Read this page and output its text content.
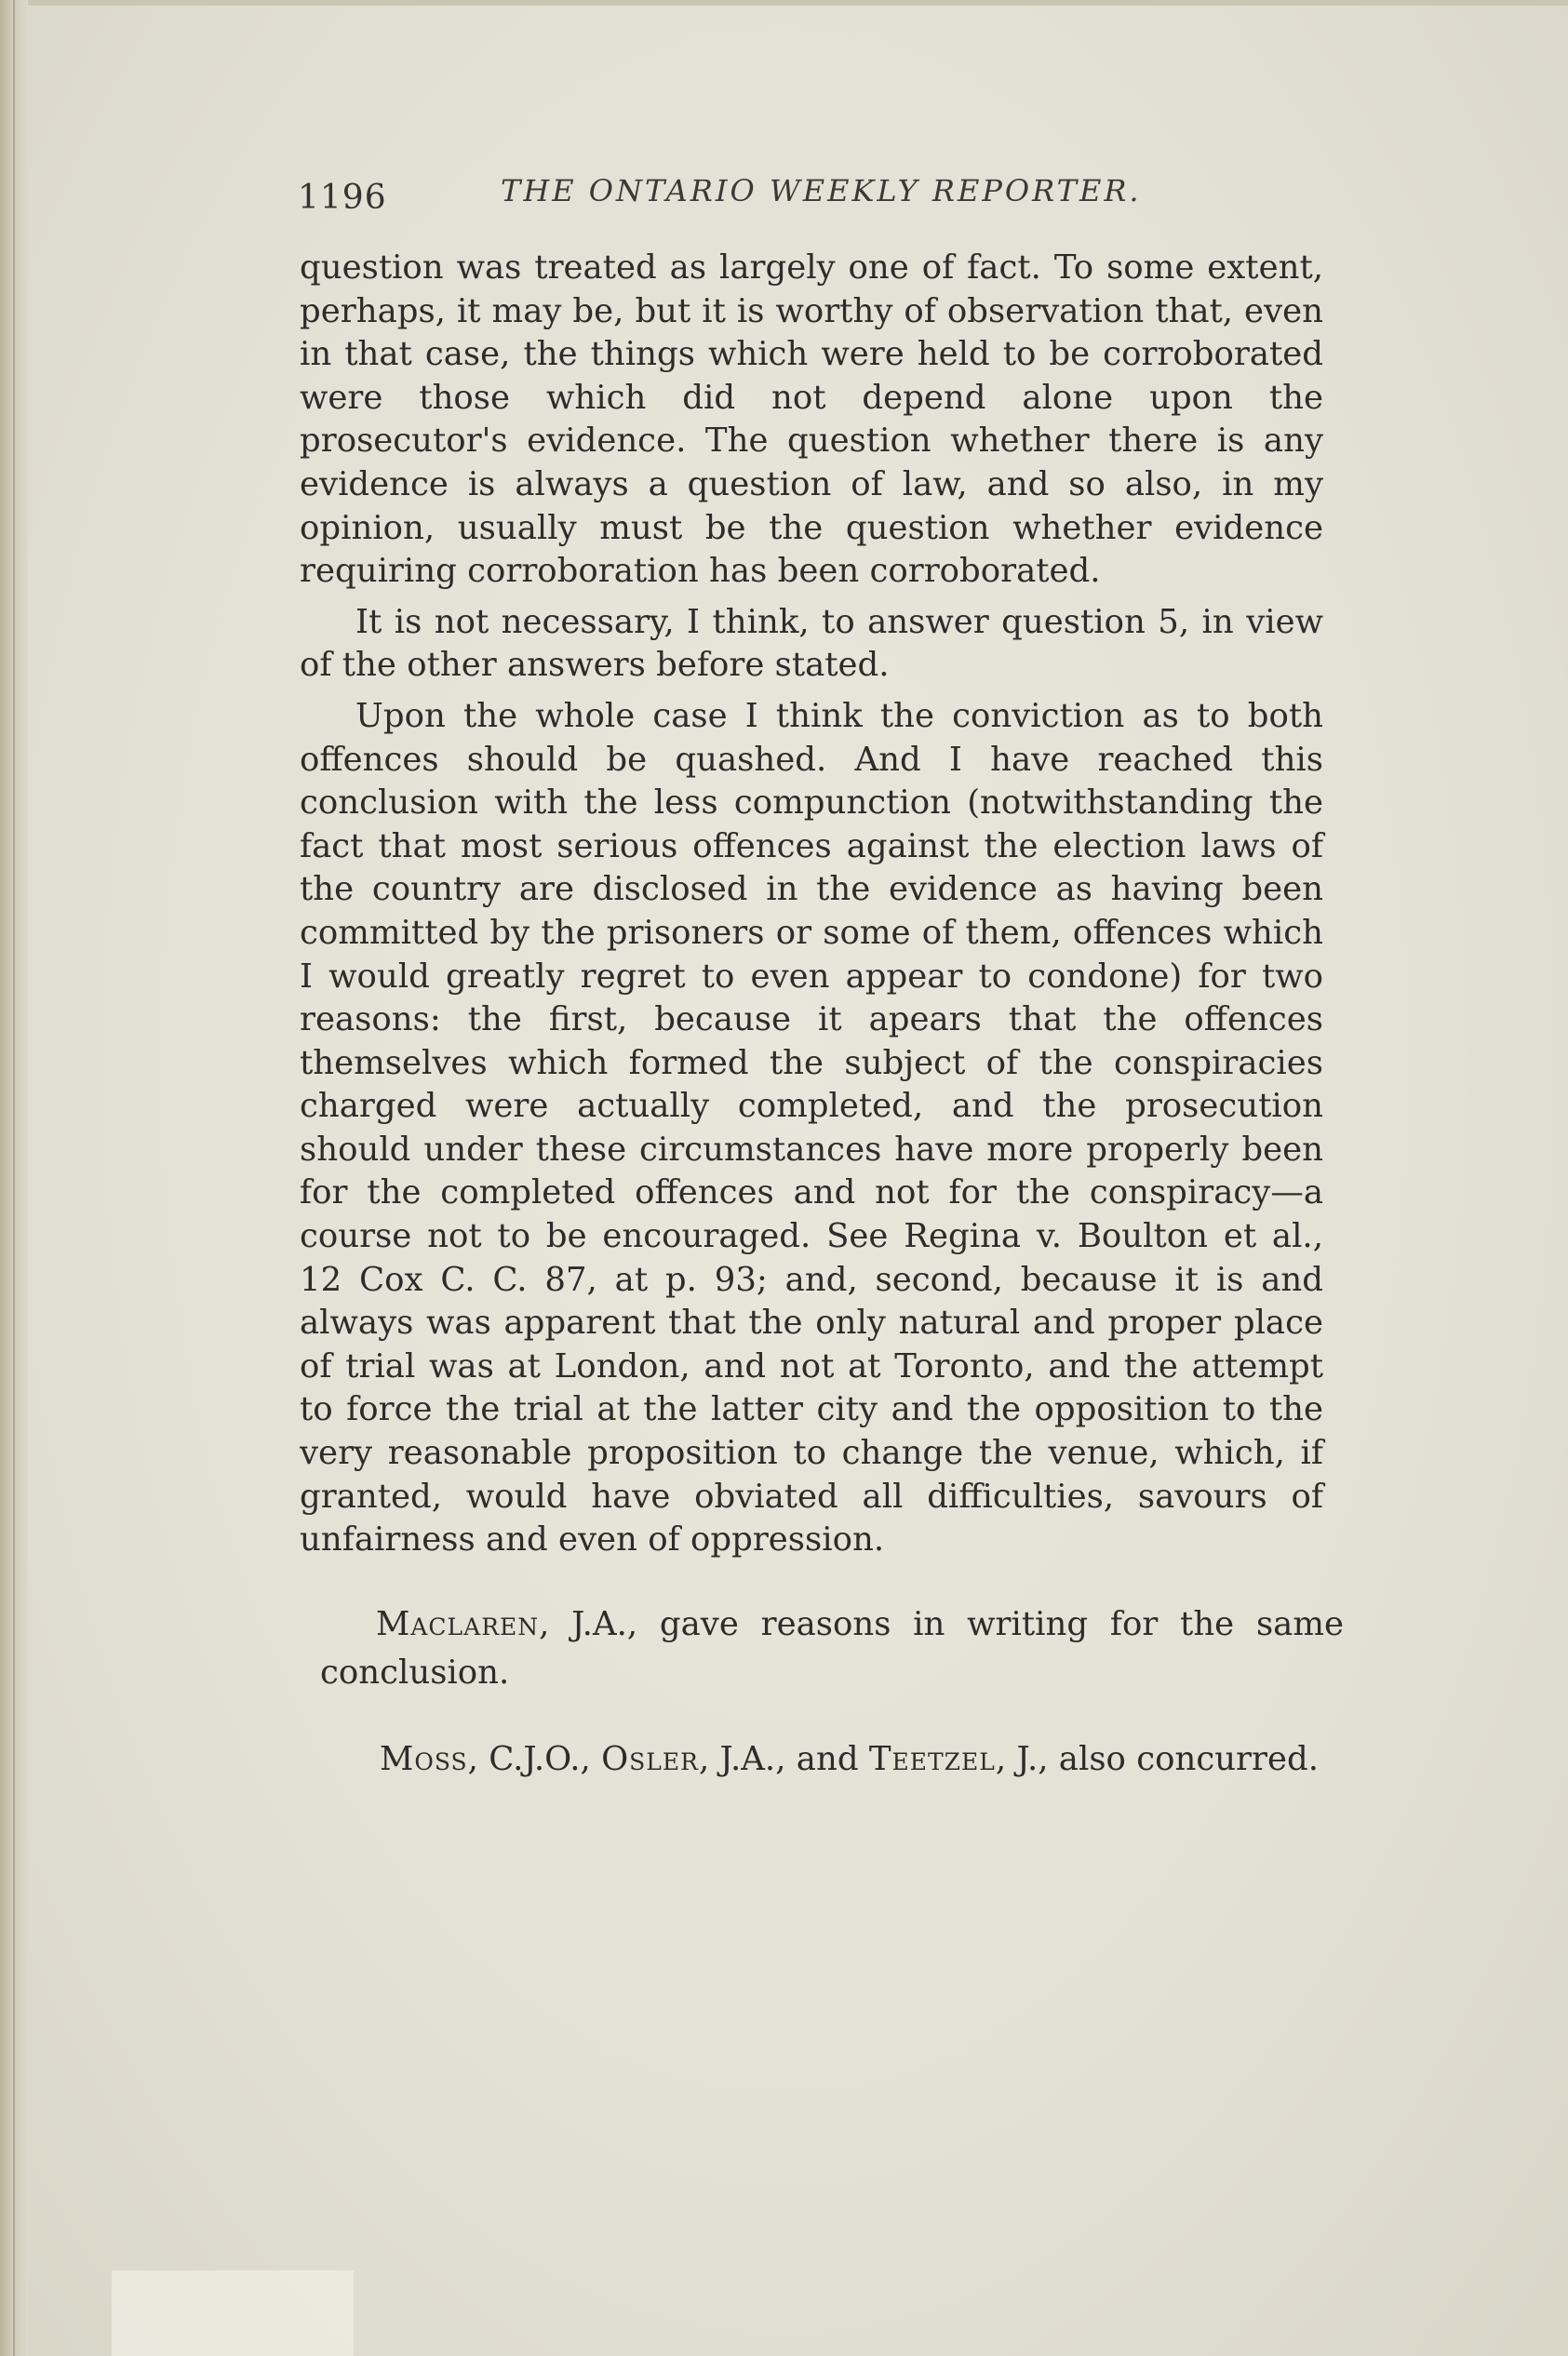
1196	THE ONTARIO WEEKLY REPORTER.

question was treated as largely one of fact. To some extent, perhaps, it may be, but it is worthy of observation that, even in that case, the things which were held to be corroborated were those which did not depend alone upon the prosecutor's evidence. The question whether there is any evidence is always a question of law, and so also, in my opinion, usually must be the question whether evidence requiring corroboration has been corroborated.

It is not necessary, I think, to answer question 5, in view of the other answers before stated.

Upon the whole case I think the conviction as to both offences should be quashed. And I have reached this conclusion with the less compunction (notwithstanding the fact that most serious offences against the election laws of the country are disclosed in the evidence as having been committed by the prisoners or some of them, offences which I would greatly regret to even appear to condone) for two reasons: the first, because it apears that the offences themselves which formed the subject of the conspiracies charged were actually completed, and the prosecution should under these circumstances have more properly been for the completed offences and not for the conspiracy—a course not to be encouraged. See Regina v. Boulton et al., 12 Cox C. C. 87, at p. 93; and, second, because it is and always was apparent that the only natural and proper place of trial was at London, and not at Toronto, and the attempt to force the trial at the latter city and the opposition to the very reasonable proposition to change the venue, which, if granted, would have obviated all difficulties, savours of unfairness and even of oppression.

Maclaren, J.A., gave reasons in writing for the same conclusion.

Moss, C.J.O., Osler, J.A., and Teetzel, J., also concurred.
